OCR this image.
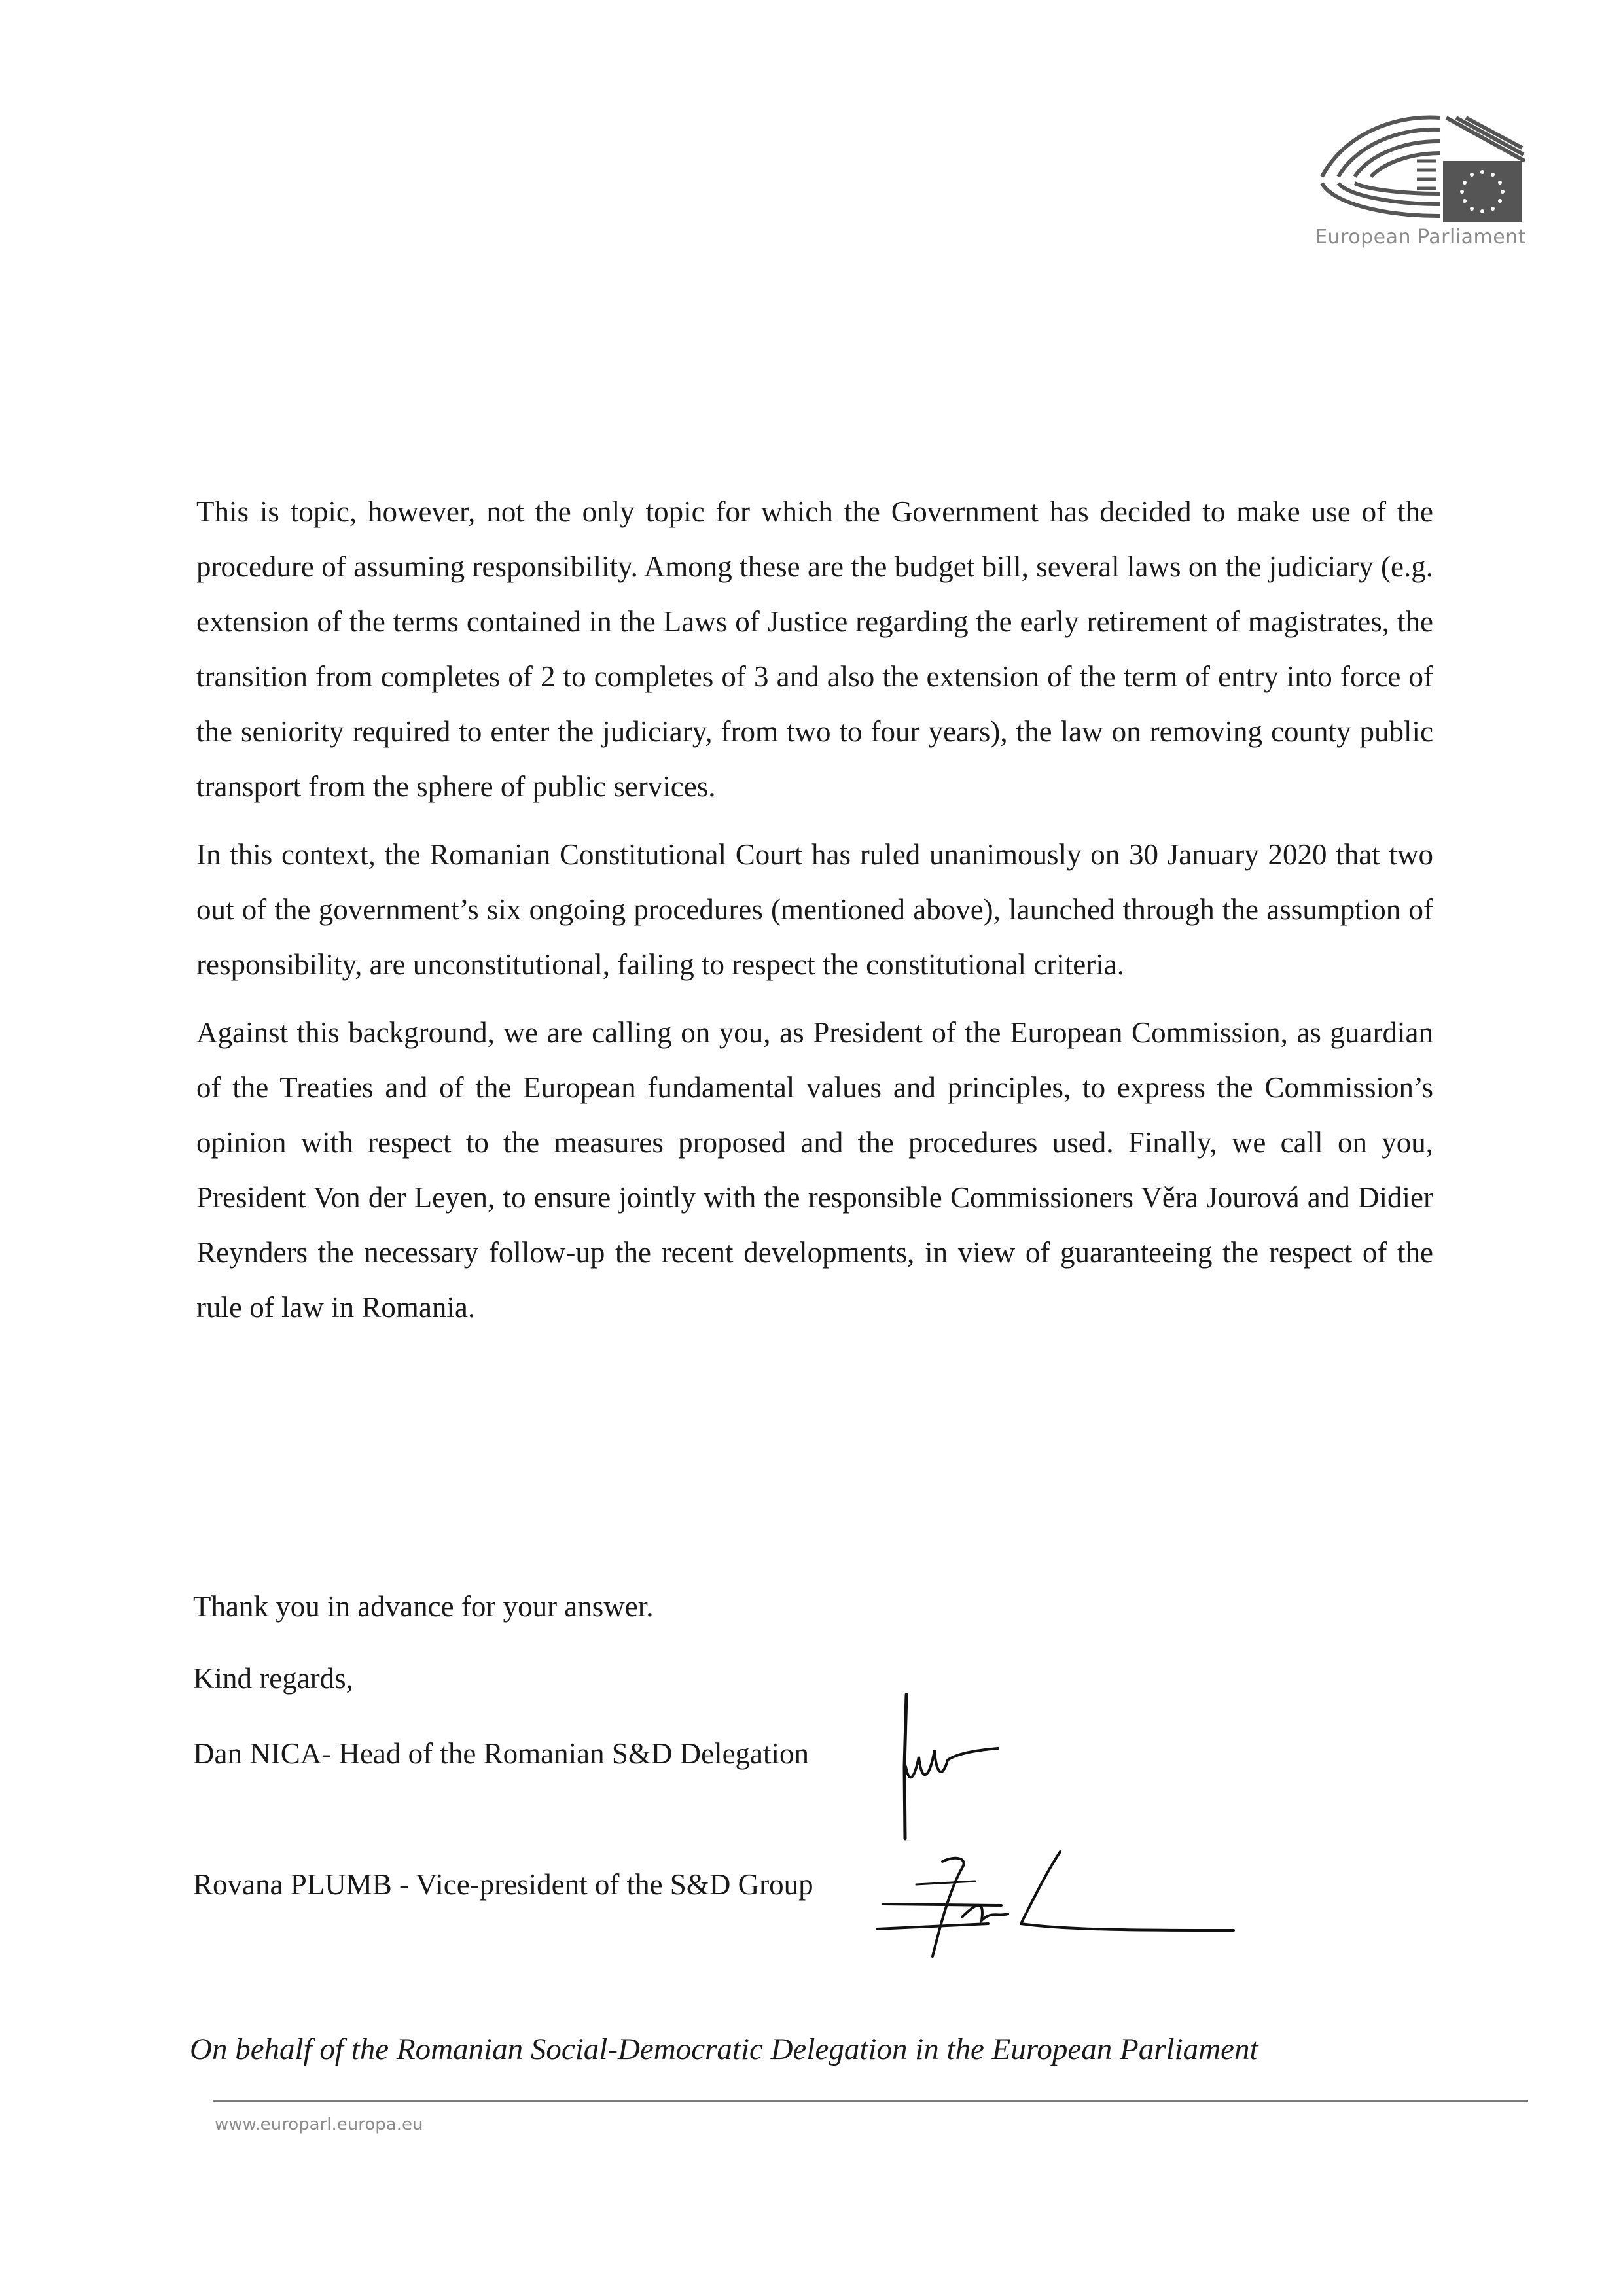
European Parliament

This is topic, however, not the only topic for which the Government has decided to make use of the procedure of assuming responsibility. Among these are the budget bill, several laws on the judiciary (e.g. extension of the terms contained in the Laws of Justice regarding the early retirement of magistrates, the transition from completes of 2 to completes of 3 and also the extension of the term of entry into force of the seniority required to enter the judiciary, from two to four years), the law on removing county public transport from the sphere of public services.

In this context, the Romanian Constitutional Court has ruled unanimously on 30 January 2020 that two out of the government’s six ongoing procedures (mentioned above), launched through the assumption of responsibility, are unconstitutional, failing to respect the constitutional criteria.

Against this background, we are calling on you, as President of the European Commission, as guardian of the Treaties and of the European fundamental values and principles, to express the Commission’s opinion with respect to the measures proposed and the procedures used. Finally, we call on you, President Von der Leyen, to ensure jointly with the responsible Commissioners Věra Jourová and Didier Reynders the necessary follow-up the recent developments, in view of guaranteeing the respect of the rule of law in Romania.

Thank you in advance for your answer.
Kind regards,
Dan NICA- Head of the Romanian S&D Delegation
Rovana PLUMB - Vice-president of the S&D Group
On behalf of the Romanian Social-Democratic Delegation in the European Parliament
www.europarl.europa.eu
